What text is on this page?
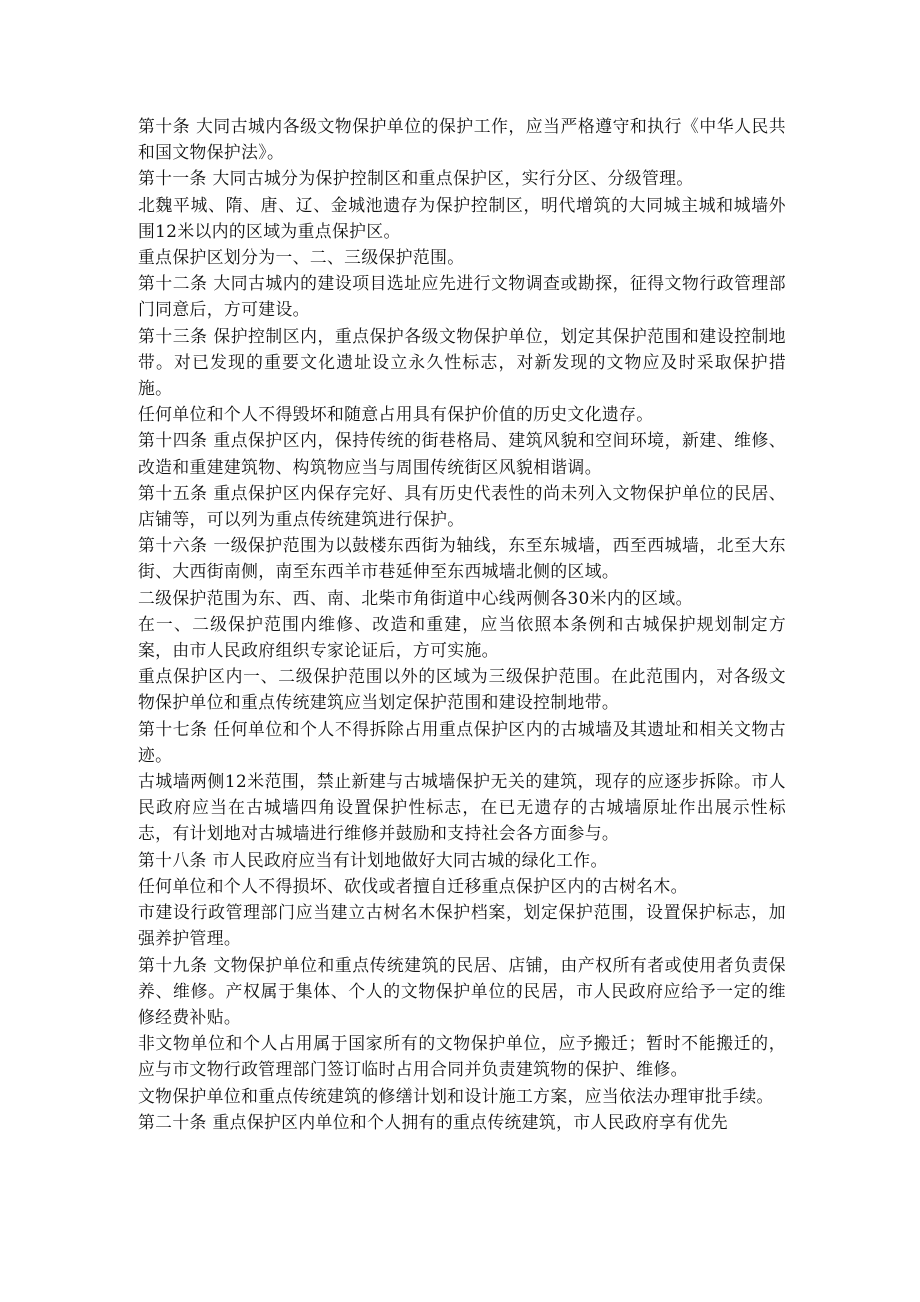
第十条 大同古城内各级文物保护单位的保护工作，应当严格遵守和执行《中华人民共和国文物保护法》。

第十一条 大同古城分为保护控制区和重点保护区，实行分区、分级管理。

北魏平城、隋、唐、辽、金城池遗存为保护控制区，明代增筑的大同城主城和城墙外围12米以内的区域为重点保护区。

重点保护区划分为一、二、三级保护范围。

第十二条 大同古城内的建设项目选址应先进行文物调查或勘探，征得文物行政管理部门同意后，方可建设。

第十三条 保护控制区内，重点保护各级文物保护单位，划定其保护范围和建设控制地带。对已发现的重要文化遗址设立永久性标志，对新发现的文物应及时采取保护措施。

任何单位和个人不得毁坏和随意占用具有保护价值的历史文化遗存。

第十四条 重点保护区内，保持传统的街巷格局、建筑风貌和空间环境，新建、维修、改造和重建建筑物、构筑物应当与周围传统街区风貌相谐调。

第十五条 重点保护区内保存完好、具有历史代表性的尚未列入文物保护单位的民居、店铺等，可以列为重点传统建筑进行保护。

第十六条 一级保护范围为以鼓楼东西街为轴线，东至东城墙，西至西城墙，北至大东街、大西街南侧，南至东西羊市巷延伸至东西城墙北侧的区域。

二级保护范围为东、西、南、北柴市角街道中心线两侧各30米内的区域。

在一、二级保护范围内维修、改造和重建，应当依照本条例和古城保护规划制定方案，由市人民政府组织专家论证后，方可实施。

重点保护区内一、二级保护范围以外的区域为三级保护范围。在此范围内，对各级文物保护单位和重点传统建筑应当划定保护范围和建设控制地带。

第十七条 任何单位和个人不得拆除占用重点保护区内的古城墙及其遗址和相关文物古迹。

古城墙两侧12米范围，禁止新建与古城墙保护无关的建筑，现存的应逐步拆除。市人民政府应当在古城墙四角设置保护性标志，在已无遗存的古城墙原址作出展示性标志，有计划地对古城墙进行维修并鼓励和支持社会各方面参与。

第十八条 市人民政府应当有计划地做好大同古城的绿化工作。

任何单位和个人不得损坏、砍伐或者擅自迁移重点保护区内的古树名木。

市建设行政管理部门应当建立古树名木保护档案，划定保护范围，设置保护标志，加强养护管理。

第十九条 文物保护单位和重点传统建筑的民居、店铺，由产权所有者或使用者负责保养、维修。产权属于集体、个人的文物保护单位的民居，市人民政府应给予一定的维修经费补贴。

非文物单位和个人占用属于国家所有的文物保护单位，应予搬迁；暂时不能搬迁的，应与市文物行政管理部门签订临时占用合同并负责建筑物的保护、维修。

文物保护单位和重点传统建筑的修缮计划和设计施工方案，应当依法办理审批手续。

第二十条 重点保护区内单位和个人拥有的重点传统建筑，市人民政府享有优先
